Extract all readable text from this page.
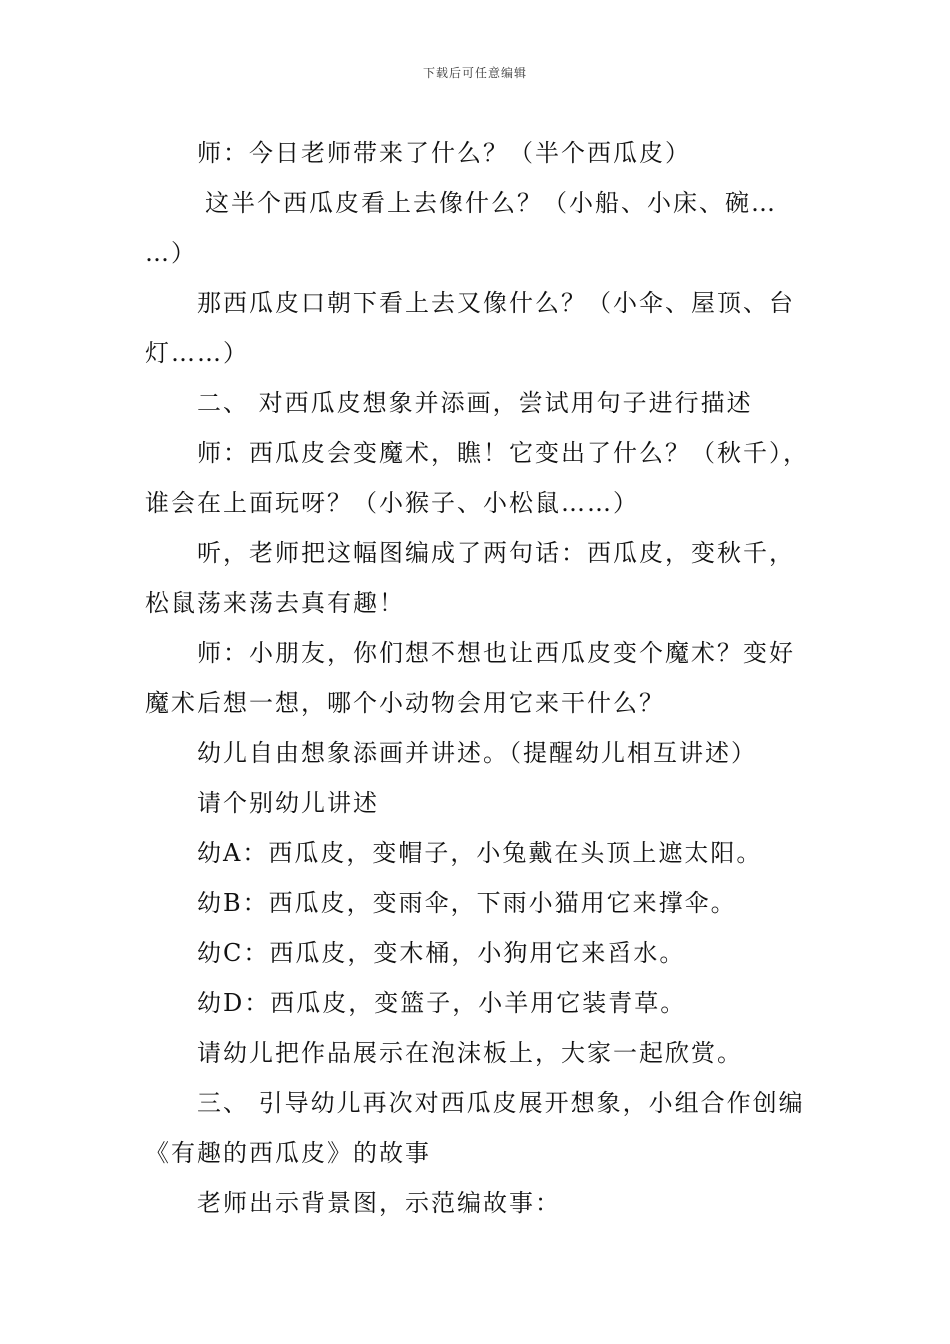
下载后可任意编辑
师：今日老师带来了什么？（半个西瓜皮）
这半个西瓜皮看上去像什么？（小船、小床、碗…
…）
那西瓜皮口朝下看上去又像什么？（小伞、屋顶、台
灯……）
二、 对西瓜皮想象并添画，尝试用句子进行描述
师：西瓜皮会变魔术，瞧！它变出了什么？（秋千），
谁会在上面玩呀？（小猴子、小松鼠……）
听，老师把这幅图编成了两句话：西瓜皮，变秋千，
松鼠荡来荡去真有趣！
师：小朋友，你们想不想也让西瓜皮变个魔术？变好
魔术后想一想，哪个小动物会用它来干什么？
幼儿自由想象添画并讲述。（提醒幼儿相互讲述）
请个别幼儿讲述
幼A：西瓜皮，变帽子，小兔戴在头顶上遮太阳。
幼B：西瓜皮，变雨伞，下雨小猫用它来撑伞。
幼C：西瓜皮，变木桶，小狗用它来舀水。
幼D：西瓜皮，变篮子，小羊用它装青草。
请幼儿把作品展示在泡沫板上，大家一起欣赏。
三、 引导幼儿再次对西瓜皮展开想象，小组合作创编
《有趣的西瓜皮》的故事
老师出示背景图，示范编故事：
